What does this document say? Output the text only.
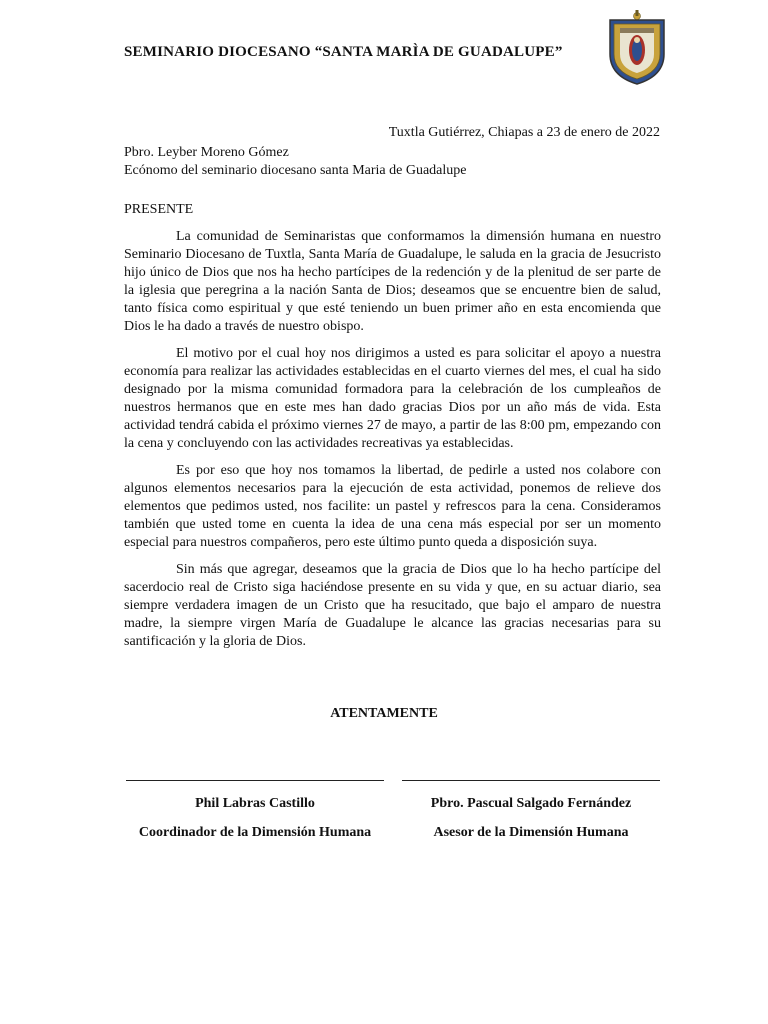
SEMINARIO DIOCESANO “SANTA MARÌA DE GUADALUPE”
Tuxtla Gutiérrez, Chiapas a 23 de enero de 2022
Pbro. Leyber Moreno Gómez
Ecónomo del seminario diocesano santa Maria de Guadalupe
PRESENTE

La comunidad de Seminaristas que conformamos la dimensión humana en nuestro Seminario Diocesano de Tuxtla, Santa María de Guadalupe, le saluda en la gracia de Jesucristo hijo único de Dios que nos ha hecho partícipes de la redención y de la plenitud de ser parte de la iglesia que peregrina a la nación Santa de Dios; deseamos que se encuentre bien de salud, tanto física como espiritual y que esté teniendo un buen primer año en esta encomienda que Dios le ha dado a través de nuestro obispo.

El motivo por el cual hoy nos dirigimos a usted es para solicitar el apoyo a nuestra economía para realizar las actividades establecidas en el cuarto viernes del mes, el cual ha sido designado por la misma comunidad formadora para la celebración de los cumpleaños de nuestros hermanos que en este mes han dado gracias Dios por un año más de vida. Esta actividad tendrá cabida el próximo viernes 27 de mayo, a partir de las 8:00 pm, empezando con la cena y concluyendo con las actividades recreativas ya establecidas.

Es por eso que hoy nos tomamos la libertad, de pedirle a usted nos colabore con algunos elementos necesarios para la ejecución de esta actividad, ponemos de relieve dos elementos que pedimos usted, nos facilite: un pastel y refrescos para la cena. Consideramos también que usted tome en cuenta la idea de una cena más especial por ser un momento especial para nuestros compañeros, pero este último punto queda a disposición suya.

Sin más que agregar, deseamos que la gracia de Dios que lo ha hecho partícipe del sacerdocio real de Cristo siga haciéndose presente en su vida y que, en su actuar diario, sea siempre verdadera imagen de un Cristo que ha resucitado, que bajo el amparo de nuestra madre, la siempre virgen María de Guadalupe le alcance las gracias necesarias para su santificación y la gloria de Dios.

ATENTAMENTE
Phil Labras Castillo	Pbro. Pascual Salgado Fernández
Coordinador de la Dimensión Humana	Asesor de la Dimensión Humana
